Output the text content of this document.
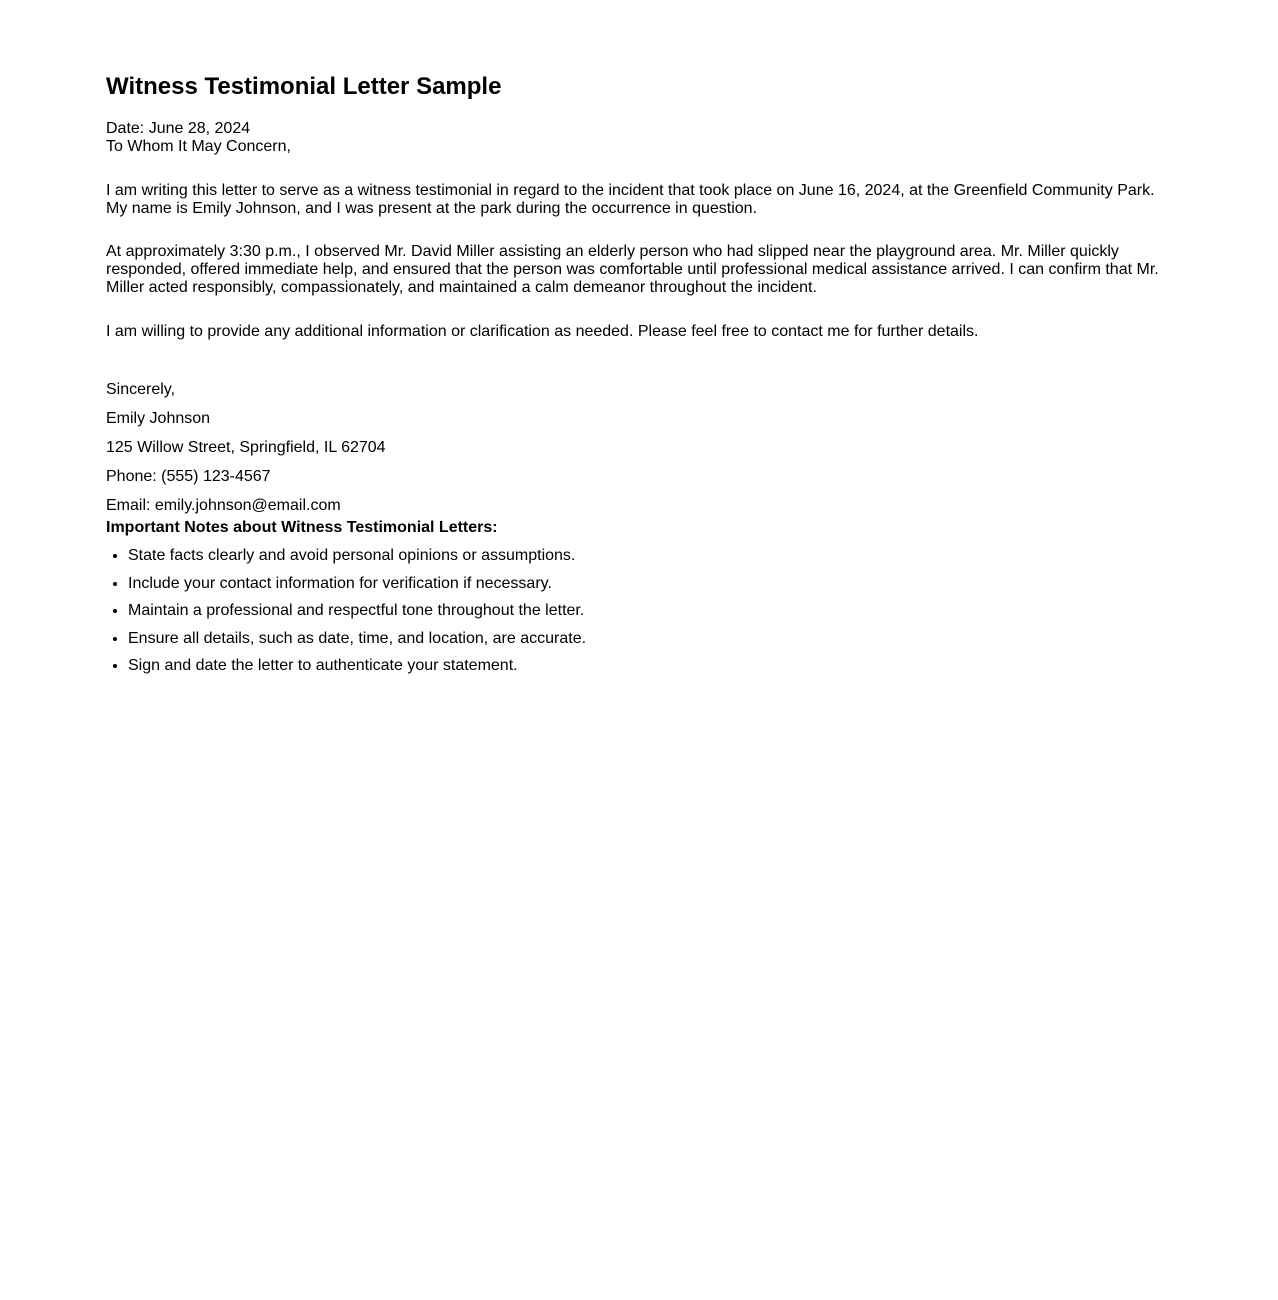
Witness Testimonial Letter Sample

Date: June 28, 2024

To Whom It May Concern,

I am writing this letter to serve as a witness testimonial in regard to the incident that took place on June 16, 2024, at the Greenfield Community Park. My name is Emily Johnson, and I was present at the park during the occurrence in question.

At approximately 3:30 p.m., I observed Mr. David Miller assisting an elderly person who had slipped near the playground area. Mr. Miller quickly responded, offered immediate help, and ensured that the person was comfortable until professional medical assistance arrived. I can confirm that Mr. Miller acted responsibly, compassionately, and maintained a calm demeanor throughout the incident.

I am willing to provide any additional information or clarification as needed. Please feel free to contact me for further details.

Sincerely,

Emily Johnson

125 Willow Street, Springfield, IL 62704

Phone: (555) 123-4567

Email: emily.johnson@email.com

Important Notes about Witness Testimonial Letters:

• State facts clearly and avoid personal opinions or assumptions.
• Include your contact information for verification if necessary.
• Maintain a professional and respectful tone throughout the letter.
• Ensure all details, such as date, time, and location, are accurate.
• Sign and date the letter to authenticate your statement.
